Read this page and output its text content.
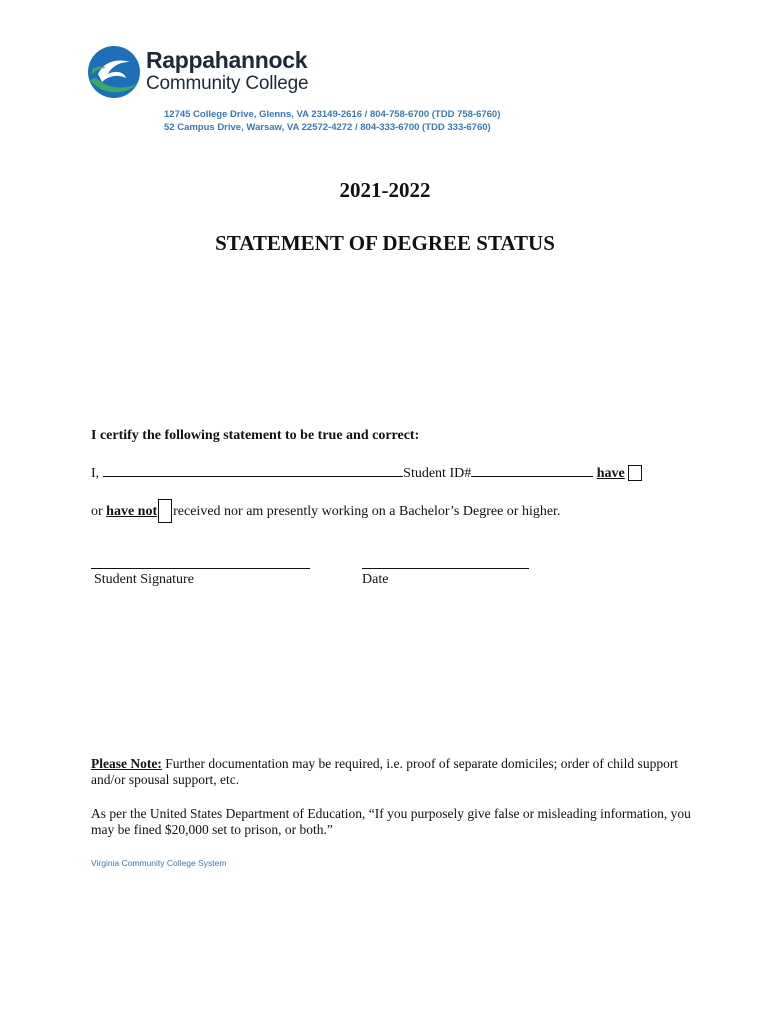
Rappahannock
Community College
12745 College Drive, Glenns, VA 23149-2616 / 804-758-6700 (TDD 758-6760)
52 Campus Drive, Warsaw, VA 22572-4272 / 804-333-6700 (TDD 333-6760)
2021-2022
STATEMENT OF DEGREE STATUS
I certify the following statement to be true and correct:
I,	Student ID#	have
or have not received nor am presently working on a Bachelor’s Degree or higher.
Student Signature	Date
Please Note: Further documentation may be required, i.e. proof of separate domiciles; order of child support and/or spousal support, etc.
As per the United States Department of Education, “If you purposely give false or misleading information, you may be fined $20,000 set to prison, or both.”
Virginia Community College System
